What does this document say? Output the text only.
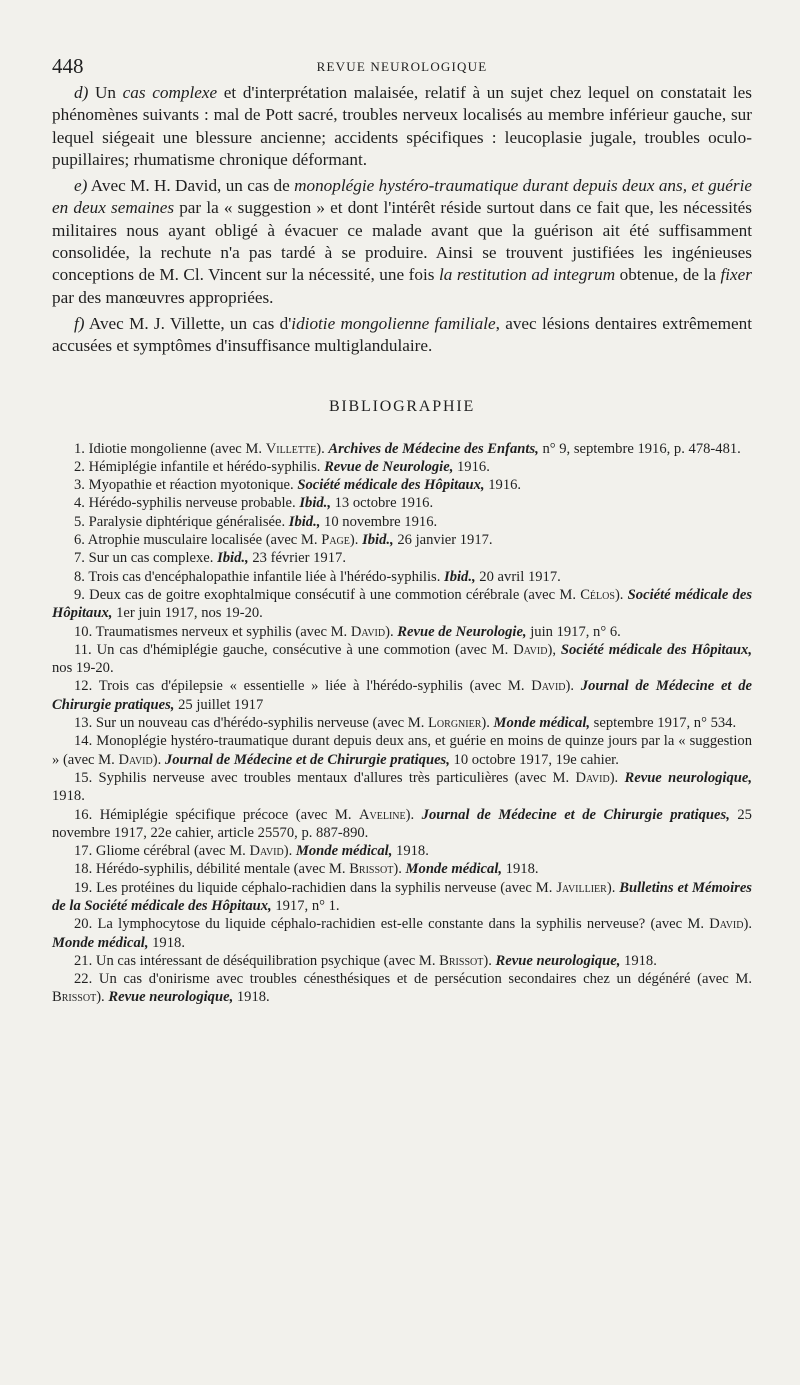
448	REVUE NEUROLOGIQUE

d) Un cas complexe et d'interprétation malaisée, relatif à un sujet chez lequel on constatait les phénomènes suivants : mal de Pott sacré, troubles nerveux localisés au membre inférieur gauche, sur lequel siégeait une blessure ancienne; accidents spécifiques : leucoplasie jugale, troubles oculo-pupillaires; rhumatisme chronique déformant.

e) Avec M. H. David, un cas de monoplégie hystéro-traumatique durant depuis deux ans, et guérie en deux semaines par la « suggestion » et dont l'intérêt réside surtout dans ce fait que, les nécessités militaires nous ayant obligé à évacuer ce malade avant que la guérison ait été suffisamment consolidée, la rechute n'a pas tardé à se produire. Ainsi se trouvent justifiées les ingénieuses conceptions de M. Cl. Vincent sur la nécessité, une fois la restitution ad integrum obtenue, de la fixer par des manœuvres appropriées.

f) Avec M. J. Villette, un cas d'idiotie mongolienne familiale, avec lésions dentaires extrêmement accusées et symptômes d'insuffisance multiglandulaire.

BIBLIOGRAPHIE

1. Idiotie mongolienne (avec M. Villette). Archives de Médecine des Enfants, n° 9, septembre 1916, p. 478-481.

2. Hémiplégie infantile et hérédo-syphilis. Revue de Neurologie, 1916.

3. Myopathie et réaction myotonique. Société médicale des Hôpitaux, 1916.

4. Hérédo-syphilis nerveuse probable. Ibid., 13 octobre 1916.

5. Paralysie diphtérique généralisée. Ibid., 10 novembre 1916.

6. Atrophie musculaire localisée (avec M. Page). Ibid., 26 janvier 1917.

7. Sur un cas complexe. Ibid., 23 février 1917.

8. Trois cas d'encéphalopathie infantile liée à l'hérédo-syphilis. Ibid., 20 avril 1917.

9. Deux cas de goitre exophtalmique consécutif à une commotion cérébrale (avec M. Célos). Société médicale des Hôpitaux, 1er juin 1917, nos 19-20.

10. Traumatismes nerveux et syphilis (avec M. David). Revue de Neurologie, juin 1917, n° 6.

11. Un cas d'hémiplégie gauche, consécutive à une commotion (avec M. David), Société médicale des Hôpitaux, nos 19-20.

12. Trois cas d'épilepsie « essentielle » liée à l'hérédo-syphilis (avec M. David). Journal de Médecine et de Chirurgie pratiques, 25 juillet 1917

13. Sur un nouveau cas d'hérédo-syphilis nerveuse (avec M. Lorgnier). Monde médical, septembre 1917, n° 534.

14. Monoplégie hystéro-traumatique durant depuis deux ans, et guérie en moins de quinze jours par la « suggestion » (avec M. David). Journal de Médecine et de Chirurgie pratiques, 10 octobre 1917, 19e cahier.

15. Syphilis nerveuse avec troubles mentaux d'allures très particulières (avec M. David). Revue neurologique, 1918.

16. Hémiplégie spécifique précoce (avec M. Aveline). Journal de Médecine et de Chirurgie pratiques, 25 novembre 1917, 22e cahier, article 25570, p. 887-890.

17. Gliome cérébral (avec M. David). Monde médical, 1918.

18. Hérédo-syphilis, débilité mentale (avec M. Brissot). Monde médical, 1918.

19. Les protéines du liquide céphalo-rachidien dans la syphilis nerveuse (avec M. Javillier). Bulletins et Mémoires de la Société médicale des Hôpitaux, 1917, n° 1.

20. La lymphocytose du liquide céphalo-rachidien est-elle constante dans la syphilis nerveuse? (avec M. David). Monde médical, 1918.

21. Un cas intéressant de déséquilibration psychique (avec M. Brissot). Revue neurologique, 1918.

22. Un cas d'onirisme avec troubles cénesthésiques et de persécution secondaires chez un dégénéré (avec M. Brissot). Revue neurologique, 1918.
